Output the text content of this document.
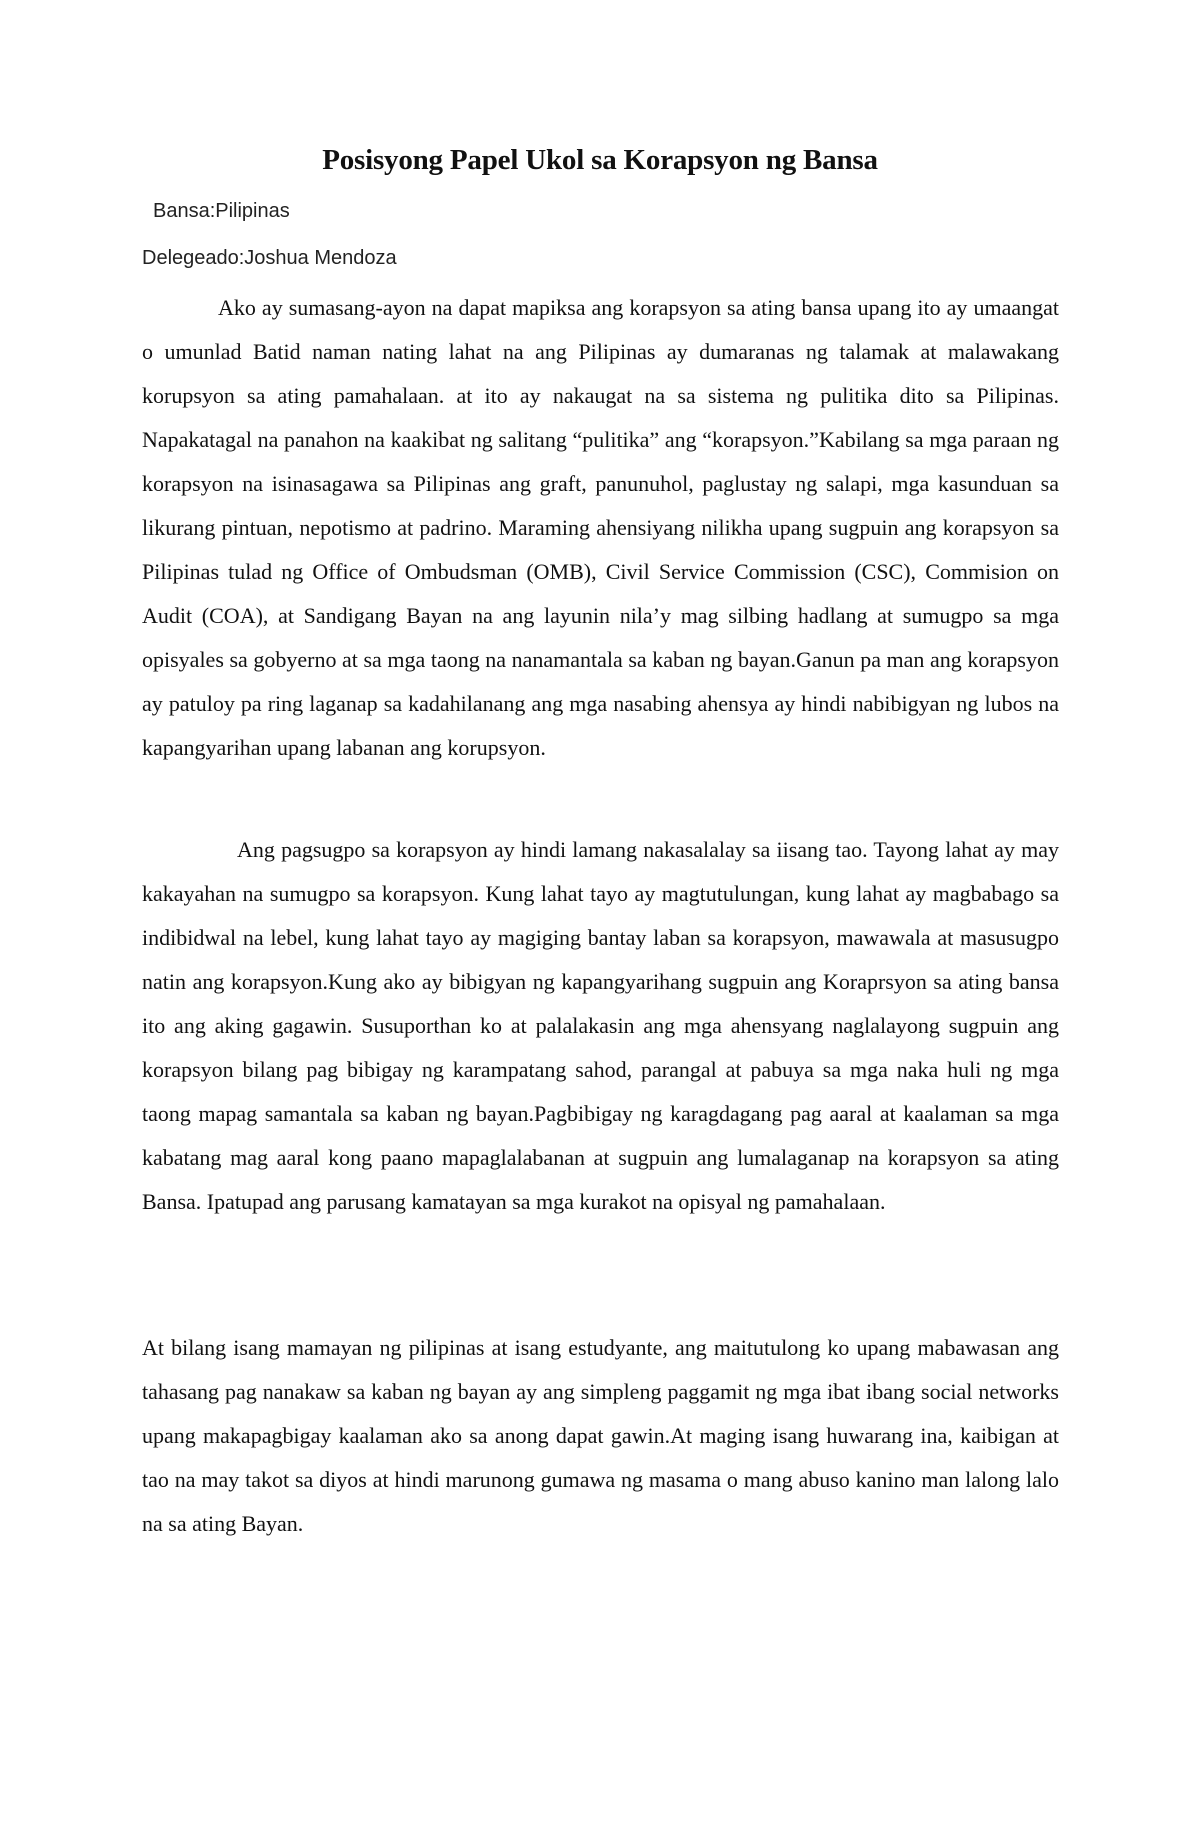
Posisyong Papel Ukol sa Korapsyon ng Bansa
Bansa:Pilipinas
Delegeado:Joshua Mendoza

Ako ay sumasang-ayon na dapat mapiksa ang korapsyon sa ating bansa upang ito ay umaangat o umunlad Batid naman nating lahat na ang Pilipinas ay dumaranas ng talamak at malawakang korupsyon sa ating pamahalaan. at ito ay nakaugat na sa sistema ng pulitika dito sa Pilipinas. Napakatagal na panahon na kaakibat ng salitang “pulitika” ang “korapsyon.”Kabilang sa mga paraan ng korapsyon na isinasagawa sa Pilipinas ang graft, panunuhol, paglustay ng salapi, mga kasunduan sa likurang pintuan, nepotismo at padrino. Maraming ahensiyang nilikha upang sugpuin ang korapsyon sa Pilipinas tulad ng Office of Ombudsman (OMB), Civil Service Commission (CSC), Commision on Audit (COA), at Sandigang Bayan na ang layunin nila’y mag silbing hadlang at sumugpo sa mga opisyales sa gobyerno at sa mga taong na nanamantala sa kaban ng bayan.Ganun pa man ang korapsyon ay patuloy pa ring laganap sa kadahilanang ang mga nasabing ahensya ay hindi nabibigyan ng lubos na kapangyarihan upang labanan ang korupsyon.

Ang pagsugpo sa korapsyon ay hindi lamang nakasalalay sa iisang tao. Tayong lahat ay may kakayahan na sumugpo sa korapsyon. Kung lahat tayo ay magtutulungan, kung lahat ay magbabago sa indibidwal na lebel, kung lahat tayo ay magiging bantay laban sa korapsyon, mawawala at masusugpo natin ang korapsyon.Kung ako ay bibigyan ng kapangyarihang sugpuin ang Koraprsyon sa ating bansa ito ang aking gagawin. Susuporthan ko at palalakasin ang mga ahensyang naglalayong sugpuin ang korapsyon bilang pag bibigay ng karampatang sahod, parangal at pabuya sa mga naka huli ng mga taong mapag samantala sa kaban ng bayan.Pagbibigay ng karagdagang pag aaral at kaalaman sa mga kabatang mag aaral kong paano mapaglalabanan at sugpuin ang lumalaganap na korapsyon sa ating Bansa. Ipatupad ang parusang kamatayan sa mga kurakot na opisyal ng pamahalaan.

At bilang isang mamayan ng pilipinas at isang estudyante, ang maitutulong ko upang mabawasan ang tahasang pag nanakaw sa kaban ng bayan ay ang simpleng paggamit ng mga ibat ibang social networks upang makapagbigay kaalaman ako sa anong dapat gawin.At maging isang huwarang ina, kaibigan at tao na may takot sa diyos at hindi marunong gumawa ng masama o mang abuso kanino man lalong lalo na sa ating Bayan.
